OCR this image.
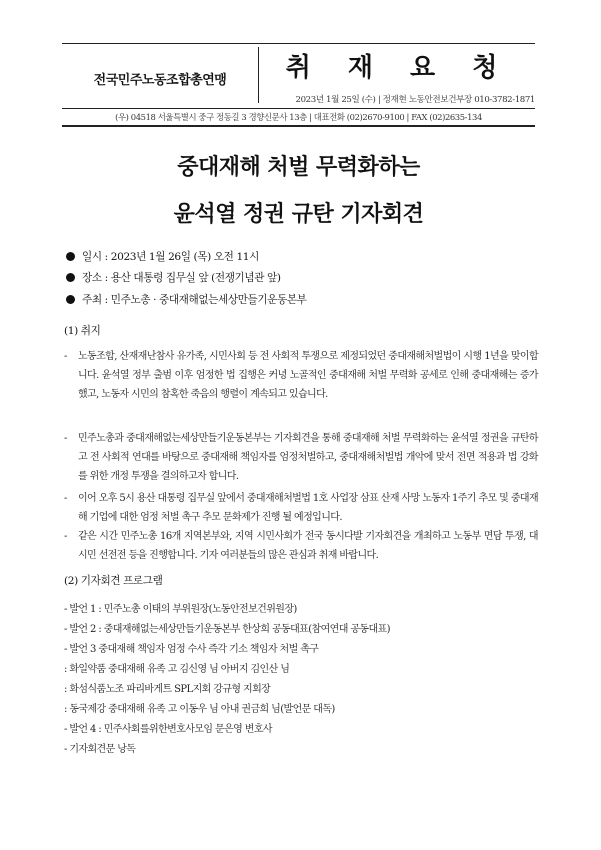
전국민주노동조합총연맹	취 재 요 청
2023년 1월 25일 (수) | 정재현 노동안전보건부장 010-3782-1871
(우) 04518 서울특별시 중구 정동길 3 경향신문사 13층 | 대표전화 (02)2670-9100 | FAX (02)2635-134
중대재해 처벌 무력화하는
윤석열 정권 규탄 기자회견
일시 : 2023년 1월 26일 (목) 오전 11시
장소 : 용산 대통령 집무실 앞 (전쟁기념관 앞)
주최 : 민주노총 · 중대재해없는세상만들기운동본부
(1) 취지
- 노동조합, 산재재난참사 유가족, 시민사회 등 전 사회적 투쟁으로 제정되었던 중대재해처벌법이 시행 1년을 맞이합니다. 윤석열 정부 출범 이후 엄정한 법 집행은 커녕 노골적인 중대재해 처벌 무력화 공세로 인해 중대재해는 증가했고, 노동자 시민의 참혹한 죽음의 행렬이 계속되고 있습니다.
- 민주노총과 중대재해없는세상만들기운동본부는 기자회견을 통해 중대재해 처벌 무력화하는 윤석열 정권을 규탄하고 전 사회적 연대를 바탕으로 중대재해 책임자를 엄정처벌하고, 중대재해처벌법 개악에 맞서 전면 적용과 법 강화를 위한 개정 투쟁을 결의하고자 합니다.
- 이어 오후 5시 용산 대통령 집무실 앞에서 중대재해처벌법 1호 사업장 삼표 산재 사망 노동자 1주기 추모 및 중대재해 기업에 대한 엄정 처벌 촉구 추모 문화제가 진행 될 예정입니다.
- 같은 시간 민주노총 16개 지역본부와, 지역 시민사회가 전국 동시다발 기자회견을 개최하고 노동부 면담 투쟁, 대 시민 선전전 등을 진행합니다. 기자 여러분들의 많은 관심과 취재 바랍니다.
(2) 기자회견 프로그램
- 발언 1 : 민주노총 이태의 부위원장(노동안전보건위원장)
- 발언 2 : 중대재해없는세상만들기운동본부 한상희 공동대표(참여연대 공동대표)
- 발언 3 중대재해 책임자 엄정 수사 즉각 기소 책임자 처벌 촉구
: 화일약품 중대재해 유족 고 김신영 님 아버지 김인산 님
: 화섬식품노조 파리바게트 SPL지회 강규형 지회장
: 동국제강 중대재해 유족 고 이동우 님 아내 권금희 님(발언문 대독)
- 발언 4 : 민주사회를위한변호사모임 문은영 변호사
- 기자회견문 낭독
